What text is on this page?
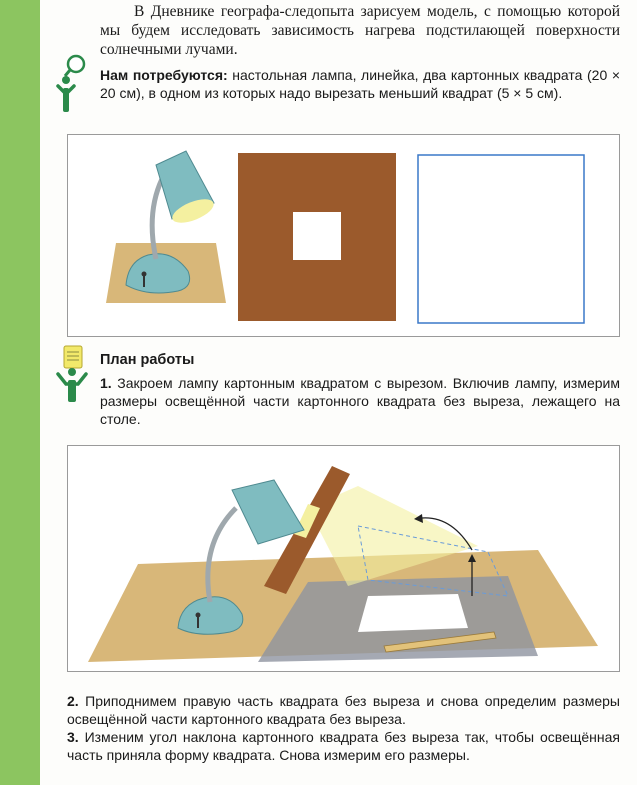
В Дневнике географа-следопыта зарисуем модель, с помощью которой мы будем исследовать зависимость нагрева подстилающей поверхности солнечными лучами.

Нам потребуются: настольная лампа, линейка, два картонных квадрата (20 × 20 см), в одном из которых надо вырезать меньший квадрат (5 × 5 см).

План работы

1. Закроем лампу картонным квадратом с вырезом. Включив лампу, измерим размеры освещённой части картонного квадрата без выреза, лежащего на столе.

2. Приподнимем правую часть квадрата без выреза и снова определим размеры освещённой части картонного квадрата без выреза.

3. Изменим угол наклона картонного квадрата без выреза так, чтобы освещённая часть приняла форму квадрата. Снова измерим его размеры.
